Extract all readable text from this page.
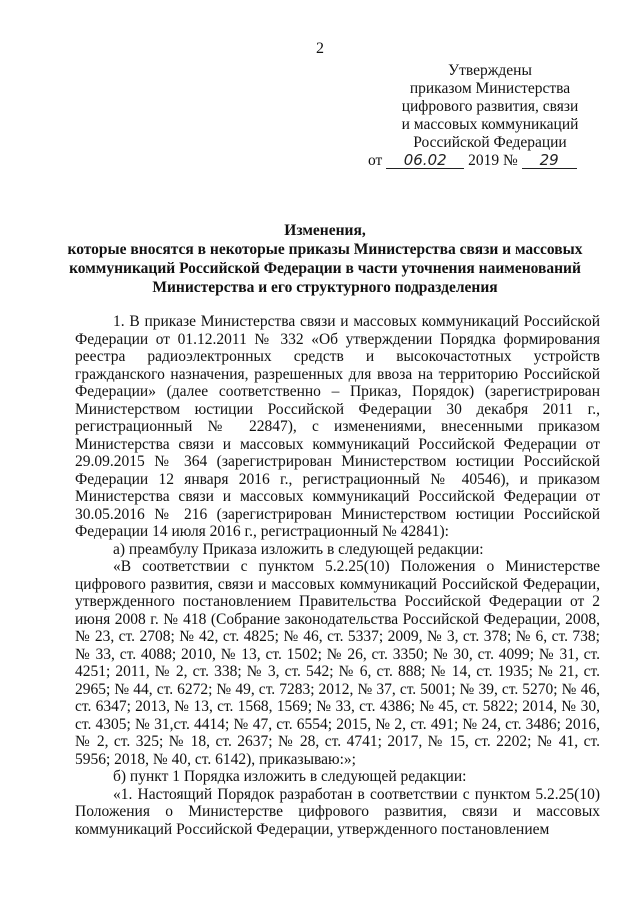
2
Утверждены
приказом Министерства
цифрового развития, связи
и массовых коммуникаций
Российской Федерации
от 06.02 2019 № 29
Изменения,
которые вносятся в некоторые приказы Министерства связи и массовых коммуникаций Российской Федерации в части уточнения наименований Министерства и его структурного подразделения

1. В приказе Министерства связи и массовых коммуникаций Российской Федерации от 01.12.2011 № 332 «Об утверждении Порядка формирования реестра радиоэлектронных средств и высокочастотных устройств гражданского назначения, разрешенных для ввоза на территорию Российской Федерации» (далее соответственно – Приказ, Порядок) (зарегистрирован Министерством юстиции Российской Федерации 30 декабря 2011 г., регистрационный № 22847), с изменениями, внесенными приказом Министерства связи и массовых коммуникаций Российской Федерации от 29.09.2015 № 364 (зарегистрирован Министерством юстиции Российской Федерации 12 января 2016 г., регистрационный № 40546), и приказом Министерства связи и массовых коммуникаций Российской Федерации от 30.05.2016 № 216 (зарегистрирован Министерством юстиции Российской Федерации 14 июля 2016 г., регистрационный № 42841):

а) преамбулу Приказа изложить в следующей редакции:

«В соответствии с пунктом 5.2.25(10) Положения о Министерстве цифрового развития, связи и массовых коммуникаций Российской Федерации, утвержденного постановлением Правительства Российской Федерации от 2 июня 2008 г. № 418 (Собрание законодательства Российской Федерации, 2008, № 23, ст. 2708; № 42, ст. 4825; № 46, ст. 5337; 2009, № 3, ст. 378; № 6, ст. 738; № 33, ст. 4088; 2010, № 13, ст. 1502; № 26, ст. 3350; № 30, ст. 4099; № 31, ст. 4251; 2011, № 2, ст. 338; № 3, ст. 542; № 6, ст. 888; № 14, ст. 1935; № 21, ст. 2965; № 44, ст. 6272; № 49, ст. 7283; 2012, № 37, ст. 5001; № 39, ст. 5270; № 46, ст. 6347; 2013, № 13, ст. 1568, 1569; № 33, ст. 4386; № 45, ст. 5822; 2014, № 30, ст. 4305; № 31,ст. 4414; № 47, ст. 6554; 2015, № 2, ст. 491; № 24, ст. 3486; 2016, № 2, ст. 325; № 18, ст. 2637; № 28, ст. 4741; 2017, № 15, ст. 2202; № 41, ст. 5956; 2018, № 40, ст. 6142), приказываю:»;

б) пункт 1 Порядка изложить в следующей редакции:

«1. Настоящий Порядок разработан в соответствии с пунктом 5.2.25(10) Положения о Министерстве цифрового развития, связи и массовых коммуникаций Российской Федерации, утвержденного постановлением
